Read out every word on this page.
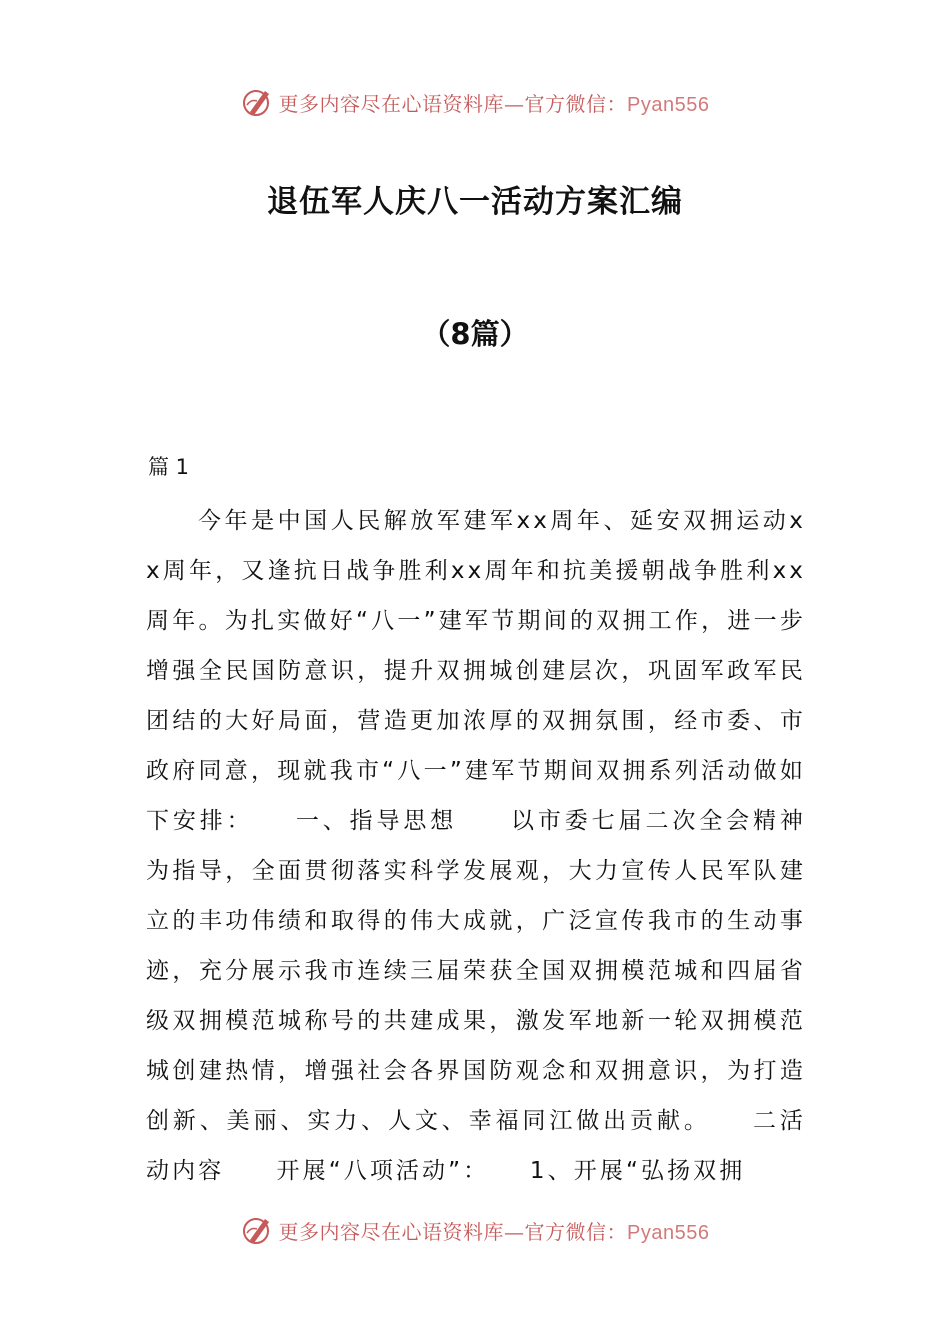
更多内容尽在心语资料库—官方微信：Pyan556
退伍军人庆八一活动方案汇编
（8篇）

篇 1

今年是中国人民解放军建军xx周年、延安双拥运动xx周年，又逢抗日战争胜利xx周年和抗美援朝战争胜利xx周年。为扎实做好“八一”建军节期间的双拥工作，进一步增强全民国防意识，提升双拥城创建层次，巩固军政军民团结的大好局面，营造更加浓厚的双拥氛围，经市委、市政府同意，现就我市“八一”建军节期间双拥系列活动做如下安排：　　一、指导思想　　以市委七届二次全会精神为指导，全面贯彻落实科学发展观，大力宣传人民军队建立的丰功伟绩和取得的伟大成就，广泛宣传我市的生动事迹，充分展示我市连续三届荣获全国双拥模范城和四届省级双拥模范城称号的共建成果，激发军地新一轮双拥模范城创建热情，增强社会各界国防观念和双拥意识，为打造创新、美丽、实力、人文、幸福同江做出贡献。　　二活动内容　　开展“八项活动”：　　1、开展“弘扬双拥

更多内容尽在心语资料库—官方微信：Pyan556
